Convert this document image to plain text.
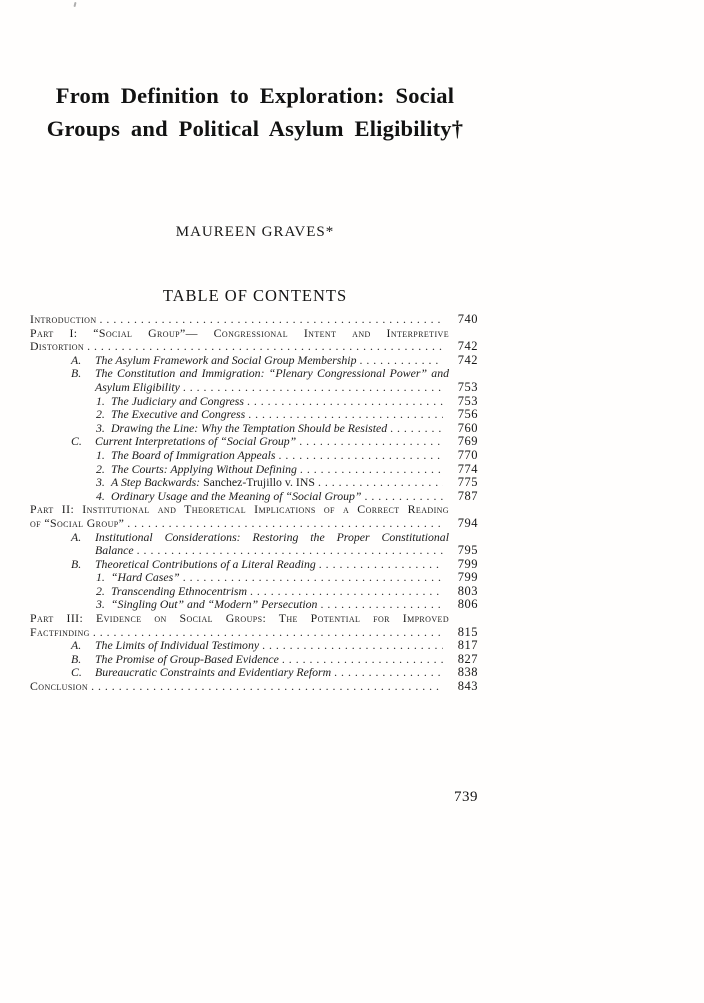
From Definition to Exploration: Social
Groups and Political Asylum Eligibility†
MAUREEN GRAVES*
TABLE OF CONTENTS
Introduction . . .	740
Part I: “Social Group”— Congressional Intent and Interpretive
Distortion . . .	742
A.	The Asylum Framework and Social Group Membership . . .	742
B.	The Constitution and Immigration: “Plenary Congressional Power” and
Asylum Eligibility . . .	753
1. The Judiciary and Congress . . .	753
2. The Executive and Congress . . .	756
3. Drawing the Line: Why the Temptation Should be Resisted . . .	760
C.	Current Interpretations of “Social Group” . . .	769
1. The Board of Immigration Appeals . . .	770
2. The Courts: Applying Without Defining . . .	774
3. A Step Backwards: Sanchez-Trujillo v. INS . . .	775
4. Ordinary Usage and the Meaning of “Social Group” . . .	787
Part II: Institutional and Theoretical Implications of a Correct Reading
of “Social Group” . . .	794
A.	Institutional Considerations: Restoring the Proper Constitutional
Balance . . .	795
B.	Theoretical Contributions of a Literal Reading . . .	799
1. “Hard Cases” . . .	799
2. Transcending Ethnocentrism . . .	803
3. “Singling Out” and “Modern” Persecution . . .	806
Part III: Evidence on Social Groups: The Potential for Improved
Factfinding . . .	815
A.	The Limits of Individual Testimony . . .	817
B.	The Promise of Group-Based Evidence . . .	827
C.	Bureaucratic Constraints and Evidentiary Reform . . .	838
Conclusion . . .	843
739
